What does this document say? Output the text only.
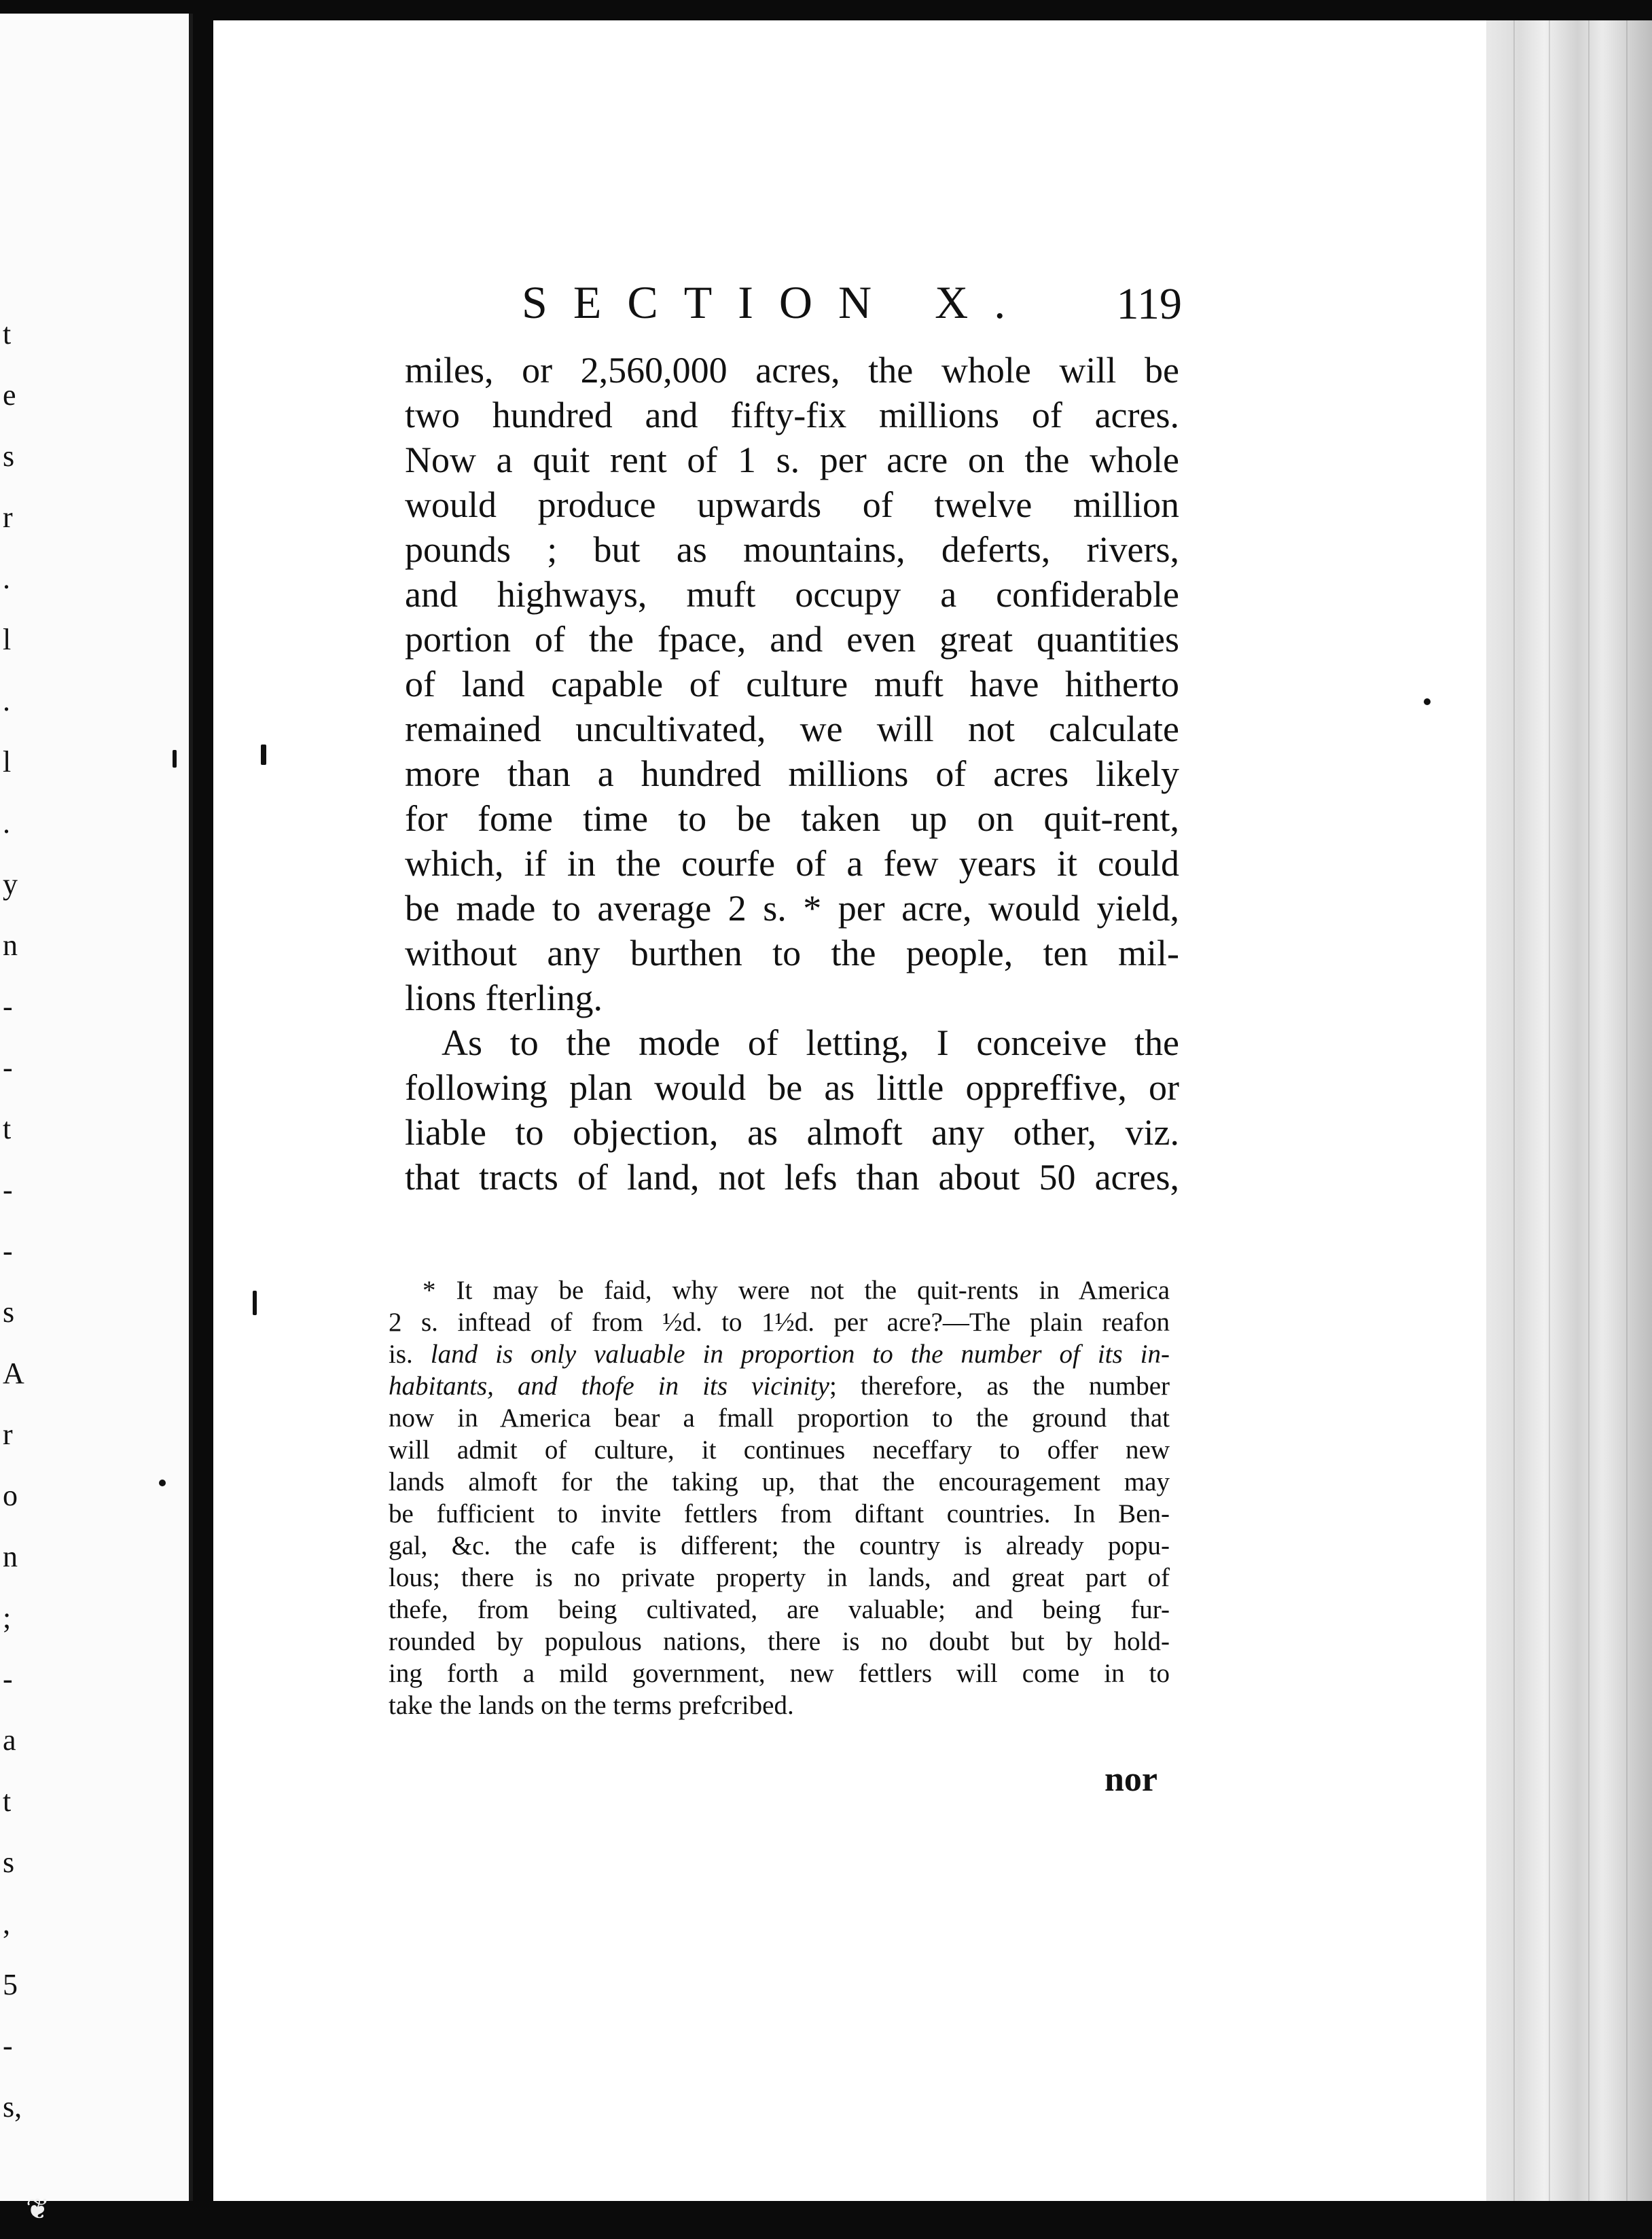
t
e
s
r
.
l
.
l
.
y
n
-
-
t
-
-
s
A
r
o
n
;
-
a
t
s
,
5
-
s,
❦
SECTION X. 119
miles, or 2,560,000 acres, the whole will be
two hundred and fifty-fix millions of acres.
Now a quit rent of 1 s. per acre on the whole
would produce upwards of twelve million
pounds ; but as mountains, deferts, rivers,
and highways, muft occupy a confiderable
portion of the fpace, and even great quantities
of land capable of culture muft have hitherto
remained uncultivated, we will not calculate
more than a hundred millions of acres likely
for fome time to be taken up on quit-rent,
which, if in the courfe of a few years it could
be made to average 2 s. * per acre, would yield,
without any burthen to the people, ten mil-
lions fterling.
As to the mode of letting, I conceive the
following plan would be as little oppreffive, or
liable to objection, as almoft any other, viz.
that tracts of land, not lefs than about 50 acres,
* It may be faid, why were not the quit-rents in America
2 s. inftead of from ½d. to 1½d. per acre?—The plain reafon
is. land is only valuable in proportion to the number of its in-
habitants, and thofe in its vicinity; therefore, as the number
now in America bear a fmall proportion to the ground that
will admit of culture, it continues neceffary to offer new
lands almoft for the taking up, that the encouragement may
be fufficient to invite fettlers from diftant countries. In Ben-
gal, &c. the cafe is different; the country is already popu-
lous; there is no private property in lands, and great part of
thefe, from being cultivated, are valuable; and being fur-
rounded by populous nations, there is no doubt but by hold-
ing forth a mild government, new fettlers will come in to
take the lands on the terms prefcribed.
nor
